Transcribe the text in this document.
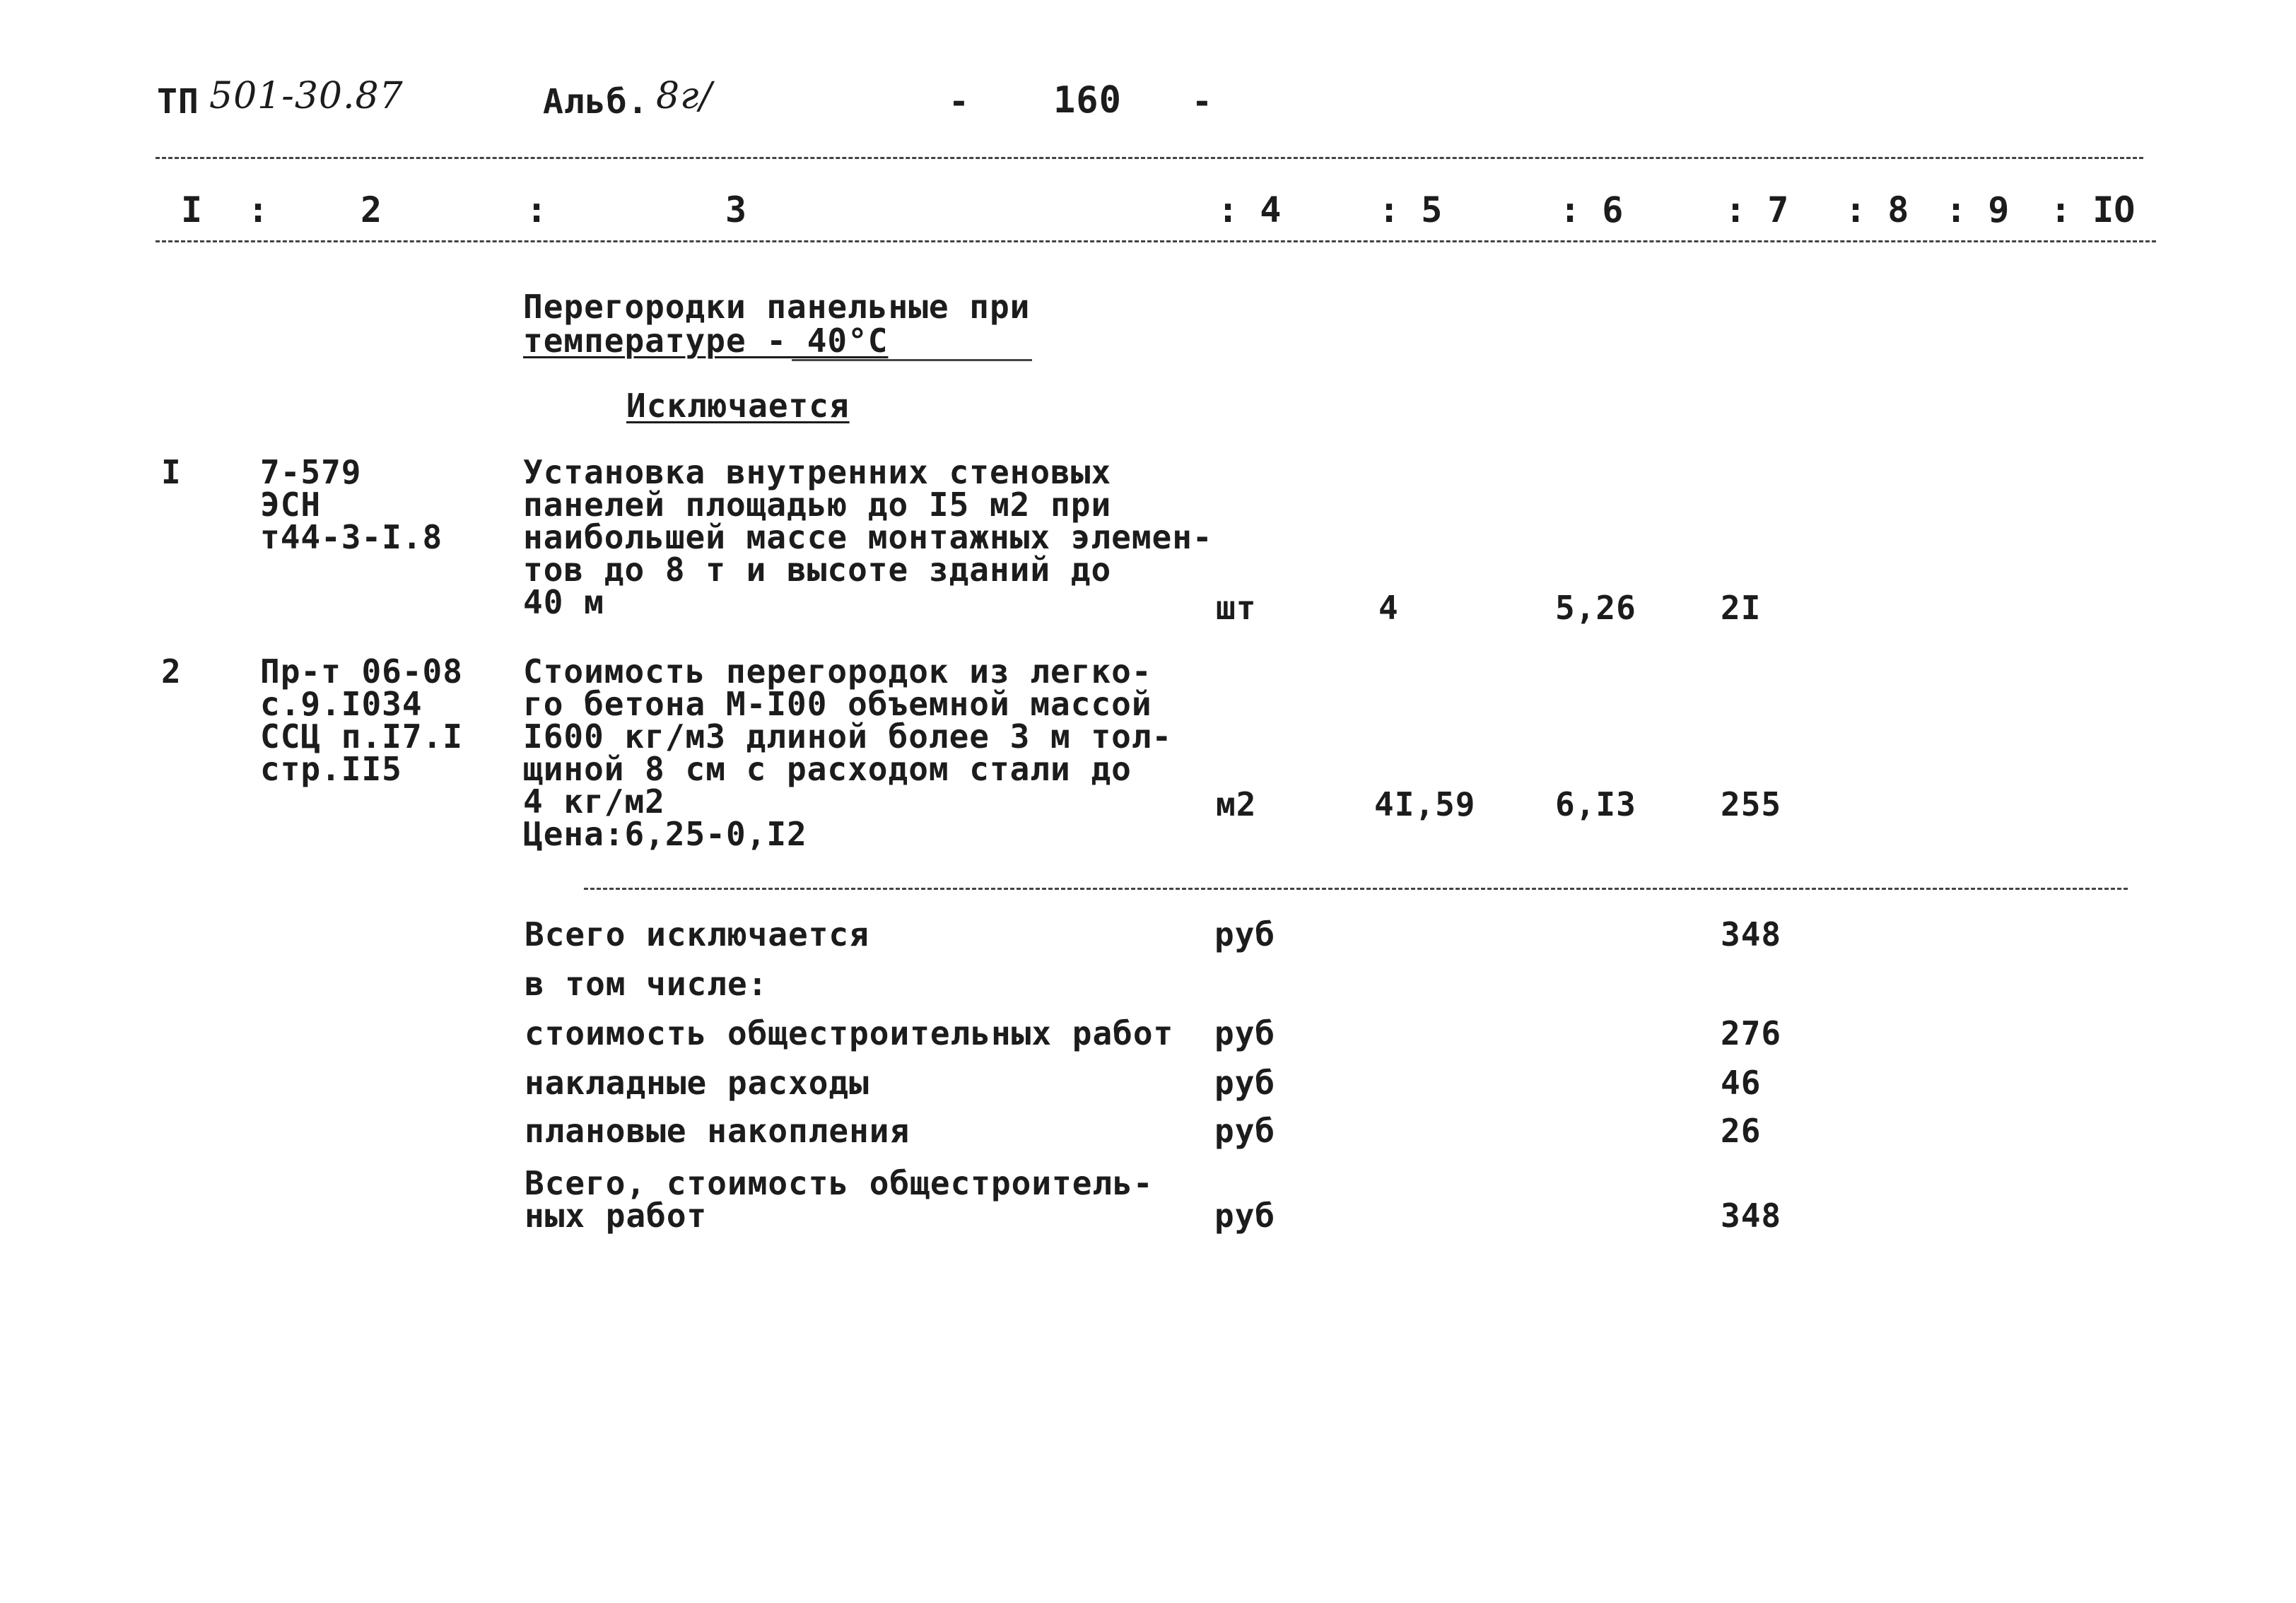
ТП 501-30.87	Альб. 8г/	- 160 -
I :	2	:	3	: 4	: 5	: 6	: 7 : 8 : 9 : IO
Перегородки панельные при
температуре - 40°С
Исключается
I 7-579
ЭСН
т44-3-I.8
Установка внутренних стеновых
панелей площадью до I5 м2 при
наибольшей массе монтажных элемен-
тов до 8 т и высоте зданий до
40 м	шт	4	5,26	2I
2 Пр-т 06-08
с.9.I034
ССЦ п.I7.I
стр.II5
Стоимость перегородок из легко-
го бетона М-I00 объемной массой
I600 кг/м3 длиной более 3 м тол-
щиной 8 см с расходом стали до
4 кг/м2
Цена:6,25-0,I2
м2	4I,59 6,I3	255
Всего исключается	руб	348
в том числе:
стоимость общестроительных работ руб	276
накладные расходы	руб	46
плановые накопления	руб	26
Всего, стоимость общестроитель-
ных работ	руб	348
